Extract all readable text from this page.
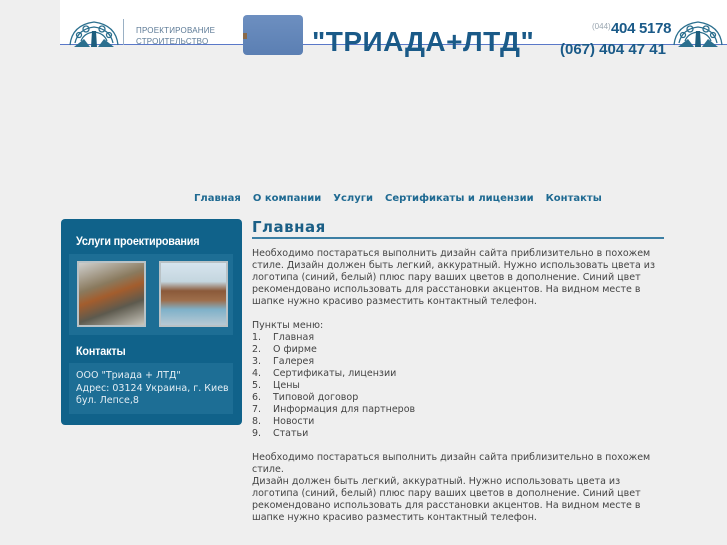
ПРОЕКТИРОВАНИЕ
СТРОИТЕЛЬСТВО	"ТРИАДА+ЛТД"	(044) 404 5178
(067) 404 47 41
Главная О компании Услуги Сертификаты и лицензии Контакты
Услуги проектирования
Контакты
ООО "Триада + ЛТД"
Адрес: 03124 Украина, г. Киев
бул. Лепсе,8
Главная

Необходимо постараться выполнить дизайн сайта приблизительно в похожем стиле. Дизайн должен быть легкий, аккуратный. Нужно использовать цвета из логотипа (синий, белый) плюс пару ваших цветов в дополнение. Синий цвет рекомендовано использовать для расстановки акцентов. На видном месте в шапке нужно красиво разместить контактный телефон.

Пункты меню:
1.	Главная
2.	О фирме
3.	Галерея
4.	Сертификаты, лицензии
5.	Цены
6.	Типовой договор
7.	Информация для партнеров
8.	Новости
9.	Статьи
Необходимо постараться выполнить дизайн сайта приблизительно в похожем стиле.
Дизайн должен быть легкий, аккуратный. Нужно использовать цвета из логотипа (синий, белый) плюс пару ваших цветов в дополнение. Синий цвет рекомендовано использовать для расстановки акцентов. На видном месте в шапке нужно красиво разместить контактный телефон.
